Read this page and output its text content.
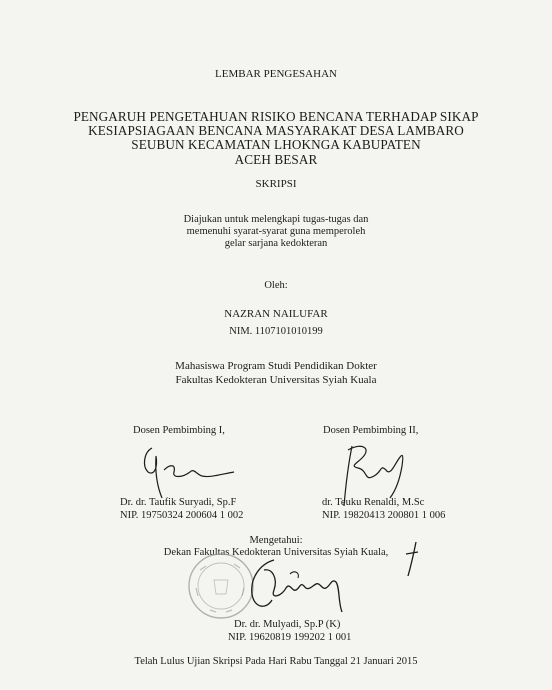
LEMBAR PENGESAHAN
PENGARUH PENGETAHUAN RISIKO BENCANA TERHADAP SIKAP
KESIAPSIAGAAN BENCANA MASYARAKAT DESA LAMBARO
SEUBUN KECAMATAN LHOKNGA KABUPATEN
ACEH BESAR
SKRIPSI
Diajukan untuk melengkapi tugas-tugas dan
memenuhi syarat-syarat guna memperoleh
gelar sarjana kedokteran
Oleh:
NAZRAN NAILUFAR
NIM. 1107101010199
Mahasiswa Program Studi Pendidikan Dokter
Fakultas Kedokteran Universitas Syiah Kuala
Dosen Pembimbing I,
Dr. dr. Taufik Suryadi, Sp.F
NIP. 19750324 200604 1 002
Dosen Pembimbing II,
dr. Teuku Renaldi, M.Sc
NIP. 19820413 200801 1 006
Mengetahui:
Dekan Fakultas Kedokteran Universitas Syiah Kuala,
Dr. dr. Mulyadi, Sp.P (K)
NIP. 19620819 199202 1 001
Telah Lulus Ujian Skripsi Pada Hari Rabu Tanggal 21 Januari 2015
